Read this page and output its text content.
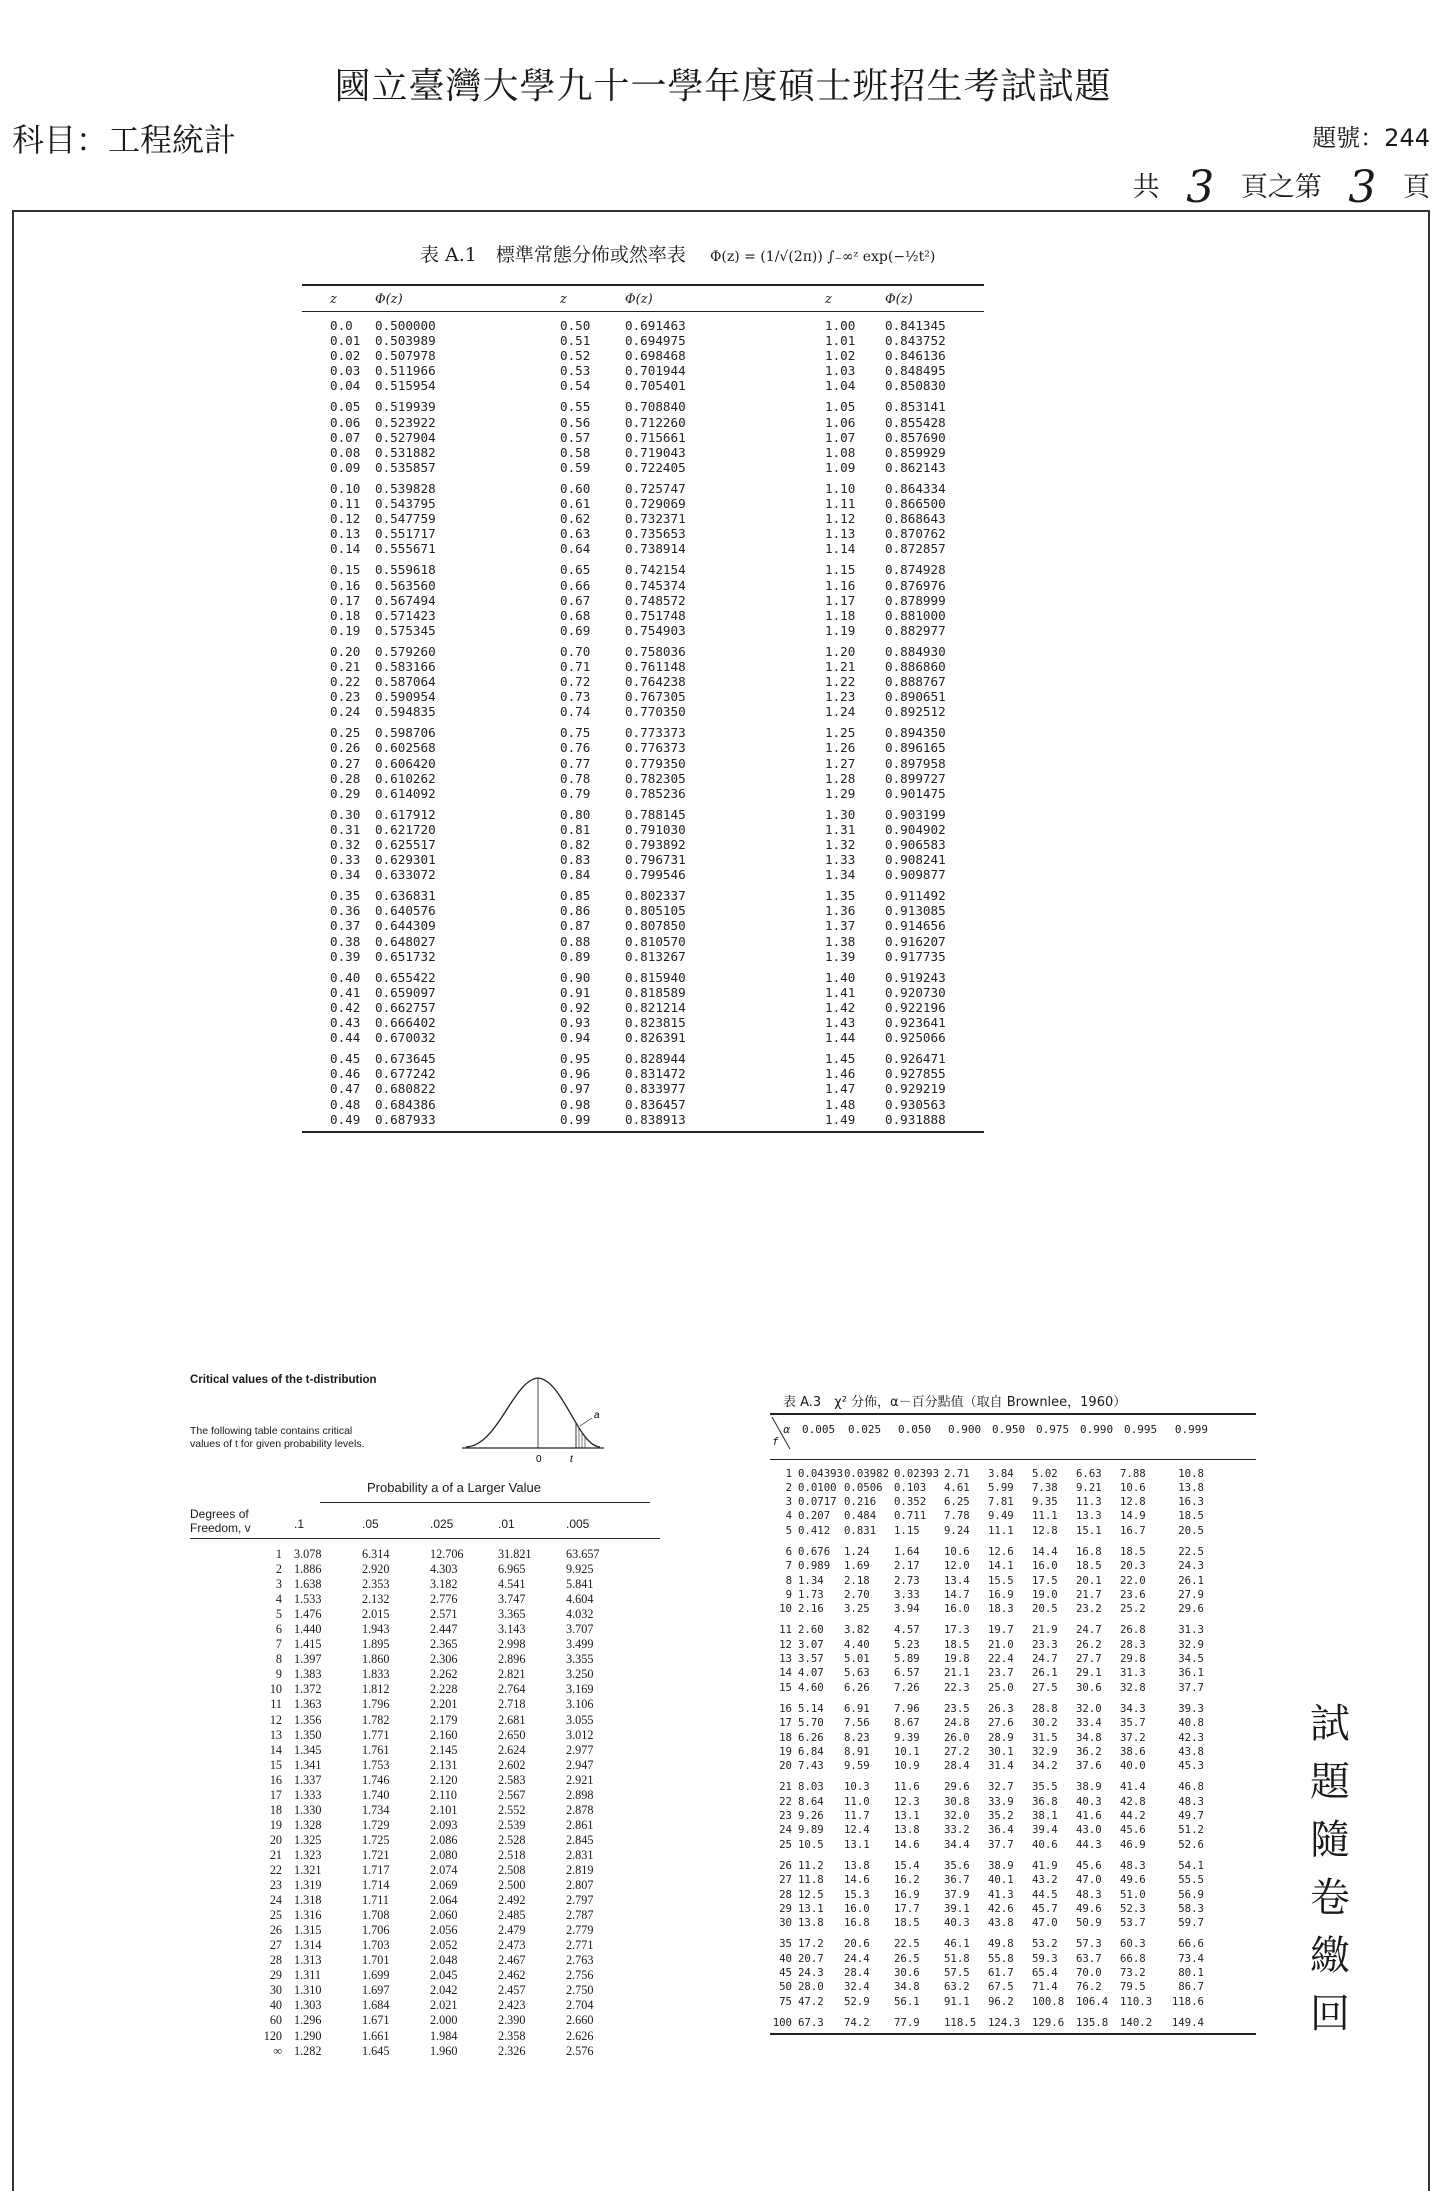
國立臺灣大學九十一學年度碩士班招生考試試題
科目：工程統計	題號：244
共 3 頁之第 3 頁
表 A.1　標準常態分佈或然率表 Φ(z) = (1/√(2π)) ∫₋∞ᶻ exp(−½t²)
z	Φ(z)	z	Φ(z)	z	Φ(z)
0.0	0.500000	0.50	0.691463	1.00	0.841345
0.01	0.503989	0.51	0.694975	1.01	0.843752
0.02	0.507978	0.52	0.698468	1.02	0.846136
0.03	0.511966	0.53	0.701944	1.03	0.848495
0.04	0.515954	0.54	0.705401	1.04	0.850830
0.05	0.519939	0.55	0.708840	1.05	0.853141
0.06	0.523922	0.56	0.712260	1.06	0.855428
0.07	0.527904	0.57	0.715661	1.07	0.857690
0.08	0.531882	0.58	0.719043	1.08	0.859929
0.09	0.535857	0.59	0.722405	1.09	0.862143
0.10	0.539828	0.60	0.725747	1.10	0.864334
0.11	0.543795	0.61	0.729069	1.11	0.866500
0.12	0.547759	0.62	0.732371	1.12	0.868643
0.13	0.551717	0.63	0.735653	1.13	0.870762
0.14	0.555671	0.64	0.738914	1.14	0.872857
0.15	0.559618	0.65	0.742154	1.15	0.874928
0.16	0.563560	0.66	0.745374	1.16	0.876976
0.17	0.567494	0.67	0.748572	1.17	0.878999
0.18	0.571423	0.68	0.751748	1.18	0.881000
0.19	0.575345	0.69	0.754903	1.19	0.882977
0.20	0.579260	0.70	0.758036	1.20	0.884930
0.21	0.583166	0.71	0.761148	1.21	0.886860
0.22	0.587064	0.72	0.764238	1.22	0.888767
0.23	0.590954	0.73	0.767305	1.23	0.890651
0.24	0.594835	0.74	0.770350	1.24	0.892512
0.25	0.598706	0.75	0.773373	1.25	0.894350
0.26	0.602568	0.76	0.776373	1.26	0.896165
0.27	0.606420	0.77	0.779350	1.27	0.897958
0.28	0.610262	0.78	0.782305	1.28	0.899727
0.29	0.614092	0.79	0.785236	1.29	0.901475
0.30	0.617912	0.80	0.788145	1.30	0.903199
0.31	0.621720	0.81	0.791030	1.31	0.904902
0.32	0.625517	0.82	0.793892	1.32	0.906583
0.33	0.629301	0.83	0.796731	1.33	0.908241
0.34	0.633072	0.84	0.799546	1.34	0.909877
0.35	0.636831	0.85	0.802337	1.35	0.911492
0.36	0.640576	0.86	0.805105	1.36	0.913085
0.37	0.644309	0.87	0.807850	1.37	0.914656
0.38	0.648027	0.88	0.810570	1.38	0.916207
0.39	0.651732	0.89	0.813267	1.39	0.917735
0.40	0.655422	0.90	0.815940	1.40	0.919243
0.41	0.659097	0.91	0.818589	1.41	0.920730
0.42	0.662757	0.92	0.821214	1.42	0.922196
0.43	0.666402	0.93	0.823815	1.43	0.923641
0.44	0.670032	0.94	0.826391	1.44	0.925066
0.45	0.673645	0.95	0.828944	1.45	0.926471
0.46	0.677242	0.96	0.831472	1.46	0.927855
0.47	0.680822	0.97	0.833977	1.47	0.929219
0.48	0.684386	0.98	0.836457	1.48	0.930563
0.49	0.687933	0.99	0.838913	1.49	0.931888
Critical values of the t-distribution
The following table contains critical
values of t for given probability levels.
0
a
t
Probability a of a Larger Value
Degrees of
Freedom, v	.1	.05	.025	.01	.005
1 3.078	6.314	12.706	31.821	63.657
2 1.886	2.920	4.303	6.965	9.925
3 1.638	2.353	3.182	4.541	5.841
4 1.533	2.132	2.776	3.747	4.604
5 1.476	2.015	2.571	3.365	4.032
6 1.440	1.943	2.447	3.143	3.707
7 1.415	1.895	2.365	2.998	3.499
8 1.397	1.860	2.306	2.896	3.355
9 1.383	1.833	2.262	2.821	3.250
10 1.372	1.812	2.228	2.764	3.169
11 1.363	1.796	2.201	2.718	3.106
12 1.356	1.782	2.179	2.681	3.055
13 1.350	1.771	2.160	2.650	3.012
14 1.345	1.761	2.145	2.624	2.977
15 1.341	1.753	2.131	2.602	2.947
16 1.337	1.746	2.120	2.583	2.921
17 1.333	1.740	2.110	2.567	2.898
18 1.330	1.734	2.101	2.552	2.878
19 1.328	1.729	2.093	2.539	2.861
20 1.325	1.725	2.086	2.528	2.845
21 1.323	1.721	2.080	2.518	2.831
22 1.321	1.717	2.074	2.508	2.819
23 1.319	1.714	2.069	2.500	2.807
24 1.318	1.711	2.064	2.492	2.797
25 1.316	1.708	2.060	2.485	2.787
26 1.315	1.706	2.056	2.479	2.779
27 1.314	1.703	2.052	2.473	2.771
28 1.313	1.701	2.048	2.467	2.763
29 1.311	1.699	2.045	2.462	2.756
30 1.310	1.697	2.042	2.457	2.750
40 1.303	1.684	2.021	2.423	2.704
60 1.296	1.671	2.000	2.390	2.660
120 1.290	1.661	1.984	2.358	2.626
∞ 1.282	1.645	1.960	2.326	2.576
表 A.3　χ² 分佈，α－百分點值（取自 Brownlee，1960）
α
f
0.005	0.025	0.050	0.900 0.950 0.975 0.990 0.995	0.999
1 0.04393 0.03982 0.02393 2.71	3.84	5.02	6.63	7.88	10.8
2 0.0100 0.0506	0.103	4.61	5.99	7.38	9.21	10.6	13.8
3 0.0717 0.216	0.352	6.25	7.81	9.35	11.3	12.8	16.3
4 0.207	0.484	0.711	7.78	9.49	11.1	13.3	14.9	18.5
5 0.412	0.831	1.15	9.24	11.1	12.8	15.1	16.7	20.5
6 0.676	1.24	1.64	10.6	12.6	14.4	16.8	18.5	22.5
7 0.989	1.69	2.17	12.0	14.1	16.0	18.5	20.3	24.3
8 1.34	2.18	2.73	13.4	15.5	17.5	20.1	22.0	26.1
9 1.73	2.70	3.33	14.7	16.9	19.0	21.7	23.6	27.9
10 2.16	3.25	3.94	16.0	18.3	20.5	23.2	25.2	29.6
11 2.60	3.82	4.57	17.3	19.7	21.9	24.7	26.8	31.3
12 3.07	4.40	5.23	18.5	21.0	23.3	26.2	28.3	32.9
13 3.57	5.01	5.89	19.8	22.4	24.7	27.7	29.8	34.5
14 4.07	5.63	6.57	21.1	23.7	26.1	29.1	31.3	36.1
15 4.60	6.26	7.26	22.3	25.0	27.5	30.6	32.8	37.7
16 5.14	6.91	7.96	23.5	26.3	28.8	32.0	34.3	39.3
17 5.70	7.56	8.67	24.8	27.6	30.2	33.4	35.7	40.8
18 6.26	8.23	9.39	26.0	28.9	31.5	34.8	37.2	42.3
19 6.84	8.91	10.1	27.2	30.1	32.9	36.2	38.6	43.8
20 7.43	9.59	10.9	28.4	31.4	34.2	37.6	40.0	45.3
21 8.03	10.3	11.6	29.6	32.7	35.5	38.9	41.4	46.8
22 8.64	11.0	12.3	30.8	33.9	36.8	40.3	42.8	48.3
23 9.26	11.7	13.1	32.0	35.2	38.1	41.6	44.2	49.7
24 9.89	12.4	13.8	33.2	36.4	39.4	43.0	45.6	51.2
25 10.5	13.1	14.6	34.4	37.7	40.6	44.3	46.9	52.6
26 11.2	13.8	15.4	35.6	38.9	41.9	45.6	48.3	54.1
27 11.8	14.6	16.2	36.7	40.1	43.2	47.0	49.6	55.5
28 12.5	15.3	16.9	37.9	41.3	44.5	48.3	51.0	56.9
29 13.1	16.0	17.7	39.1	42.6	45.7	49.6	52.3	58.3
30 13.8	16.8	18.5	40.3	43.8	47.0	50.9	53.7	59.7
35 17.2	20.6	22.5	46.1	49.8	53.2	57.3	60.3	66.6
40 20.7	24.4	26.5	51.8	55.8	59.3	63.7	66.8	73.4
45 24.3	28.4	30.6	57.5	61.7	65.4	70.0	73.2	80.1
50 28.0	32.4	34.8	63.2	67.5	71.4	76.2	79.5	86.7
75 47.2	52.9	56.1	91.1	96.2	100.8	106.4	110.3	118.6
100 67.3	74.2	77.9	118.5	124.3	129.6	135.8	140.2	149.4
試
題
隨
卷
繳
回
